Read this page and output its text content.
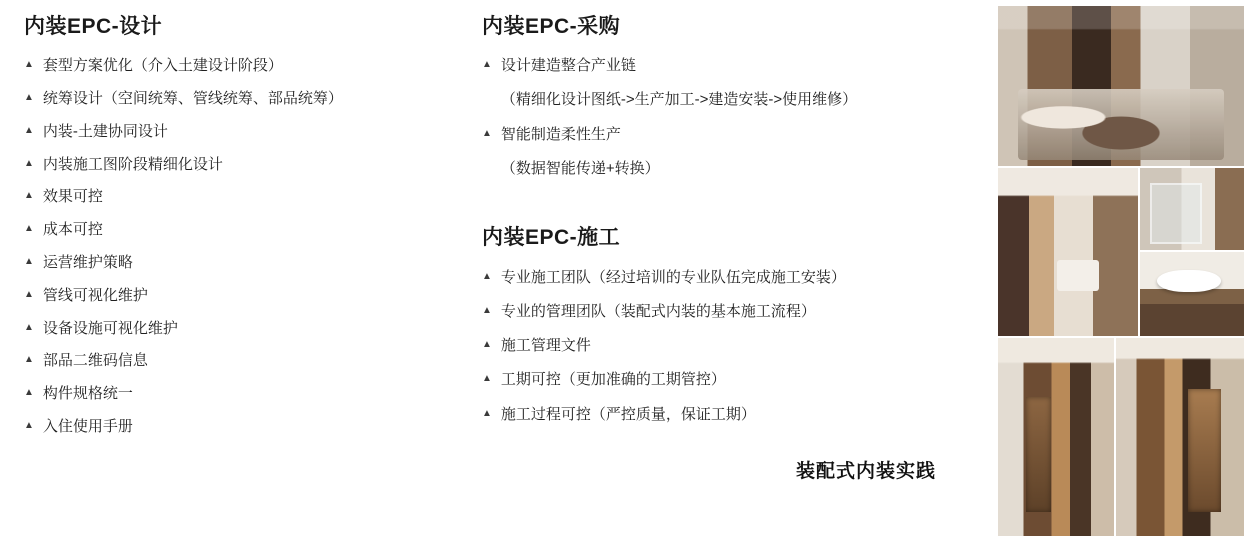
内装EPC-设计
▲ 套型方案优化（介入土建设计阶段）
▲ 统筹设计（空间统筹、管线统筹、部品统筹）
▲ 内装-土建协同设计
▲ 内装施工图阶段精细化设计
▲ 效果可控
▲ 成本可控
▲ 运营维护策略
▲ 管线可视化维护
▲ 设备设施可视化维护
▲ 部品二维码信息
▲ 构件规格统一
▲ 入住使用手册
内装EPC-采购
▲ 设计建造整合产业链
（精细化设计图纸->生产加工->建造安装->使用维修）
▲ 智能制造柔性生产
（数据智能传递+转换）
内装EPC-施工
▲ 专业施工团队（经过培训的专业队伍完成施工安装）
▲ 专业的管理团队（装配式内装的基本施工流程）
▲ 施工管理文件
▲ 工期可控（更加准确的工期管控）
▲ 施工过程可控（严控质量，保证工期）
装配式内装实践
